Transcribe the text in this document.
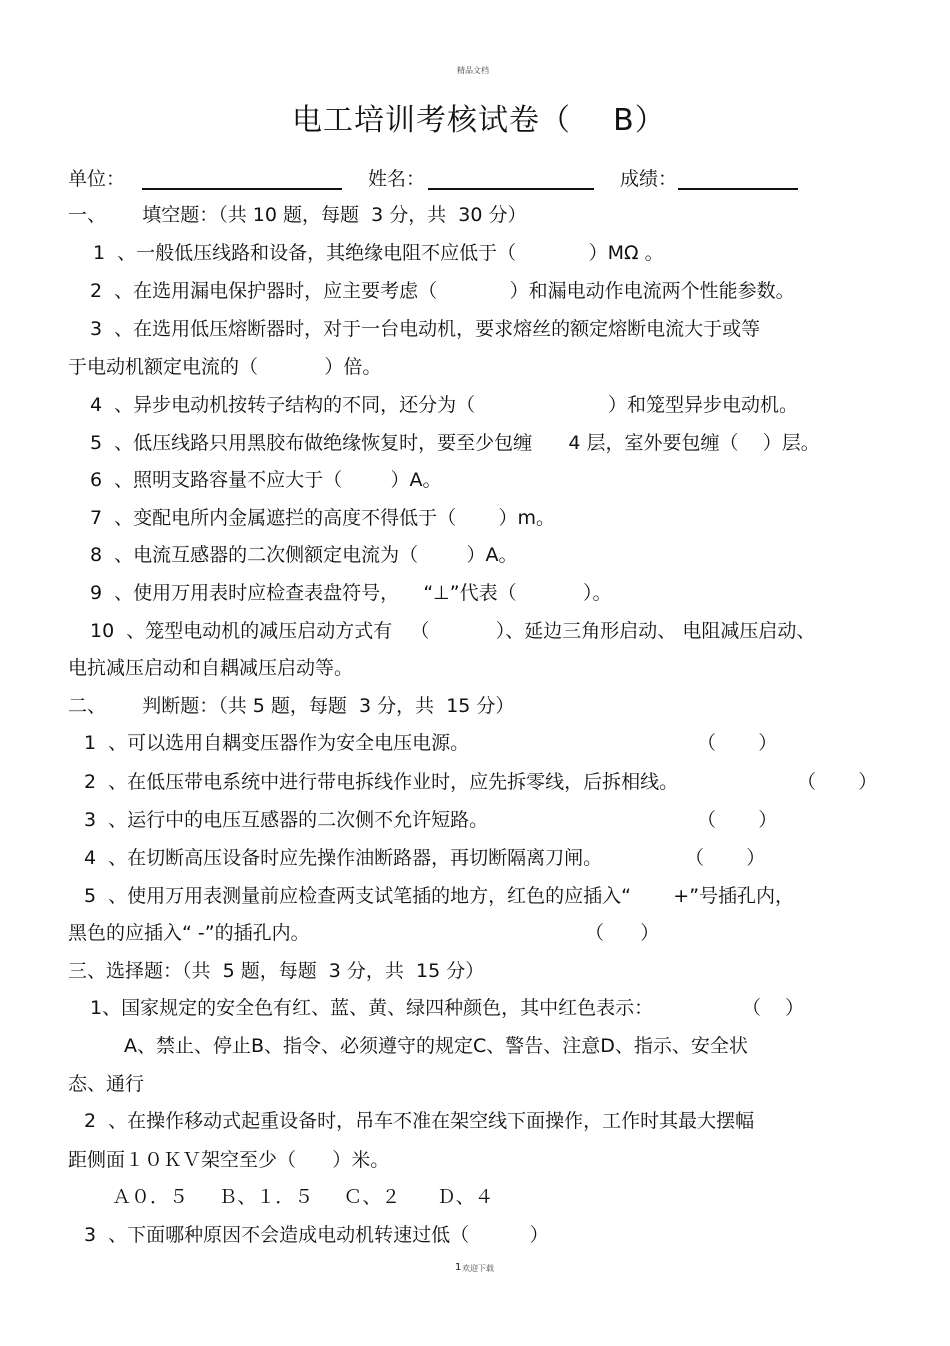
精品文档
电工培训考核试卷（    B）
单位：	姓名：	成绩：
一、      填空题：（共 10 题，每题  3 分，共  30 分）
1  、一般低压线路和设备，其绝缘电阻不应低于（            ）MΩ 。
2  、在选用漏电保护器时，应主要考虑（            ）和漏电动作电流两个性能参数。
3  、在选用低压熔断器时，对于一台电动机，要求熔丝的额定熔断电流大于或等
于电动机额定电流的（           ）倍。
4  、异步电动机按转子结构的不同，还分为（                      ）和笼型异步电动机。
5  、低压线路只用黑胶布做绝缘恢复时，要至少包缠      4 层，室外要包缠（    ）层。
6  、照明支路容量不应大于（        ）A。
7  、变配电所内金属遮拦的高度不得低于（       ）m。
8  、电流互感器的二次侧额定电流为（        ）A。
9  、使用万用表时应检查表盘符号，    “⊥”代表（           ）。
10  、笼型电动机的减压启动方式有   （           ）、延边三角形启动、 电阻减压启动、
电抗减压启动和自耦减压启动等。
二、      判断题：（共 5 题，每题  3 分，共  15 分）
1  、可以选用自耦变压器作为安全电压电源。	（       ）
2  、在低压带电系统中进行带电拆线作业时，应先拆零线，后拆相线。	（       ）
3  、运行中的电压互感器的二次侧不允许短路。	（       ）
4  、在切断高压设备时应先操作油断路器，再切断隔离刀闸。	（       ）
5  、使用万用表测量前应检查两支试笔插的地方，红色的应插入“       +”号插孔内，
黑色的应插入“ -”的插孔内。	（      ）
三、选择题：（共  5 题，每题  3 分，共  15 分）
1、国家规定的安全色有红、蓝、黄、绿四种颜色，其中红色表示：	（    ）
A、禁止、停止B、指令、必须遵守的规定C、警告、注意D、指示、安全状
态、通行
2  、在操作移动式起重设备时，吊车不准在架空线下面操作，工作时其最大摆幅
距侧面１０ＫＶ架空至少（      ）米。
Ａ０．５     Ｂ、１．５     Ｃ、２      Ｄ、４
3  、下面哪种原因不会造成电动机转速过低（          ）
1 欢迎下载
